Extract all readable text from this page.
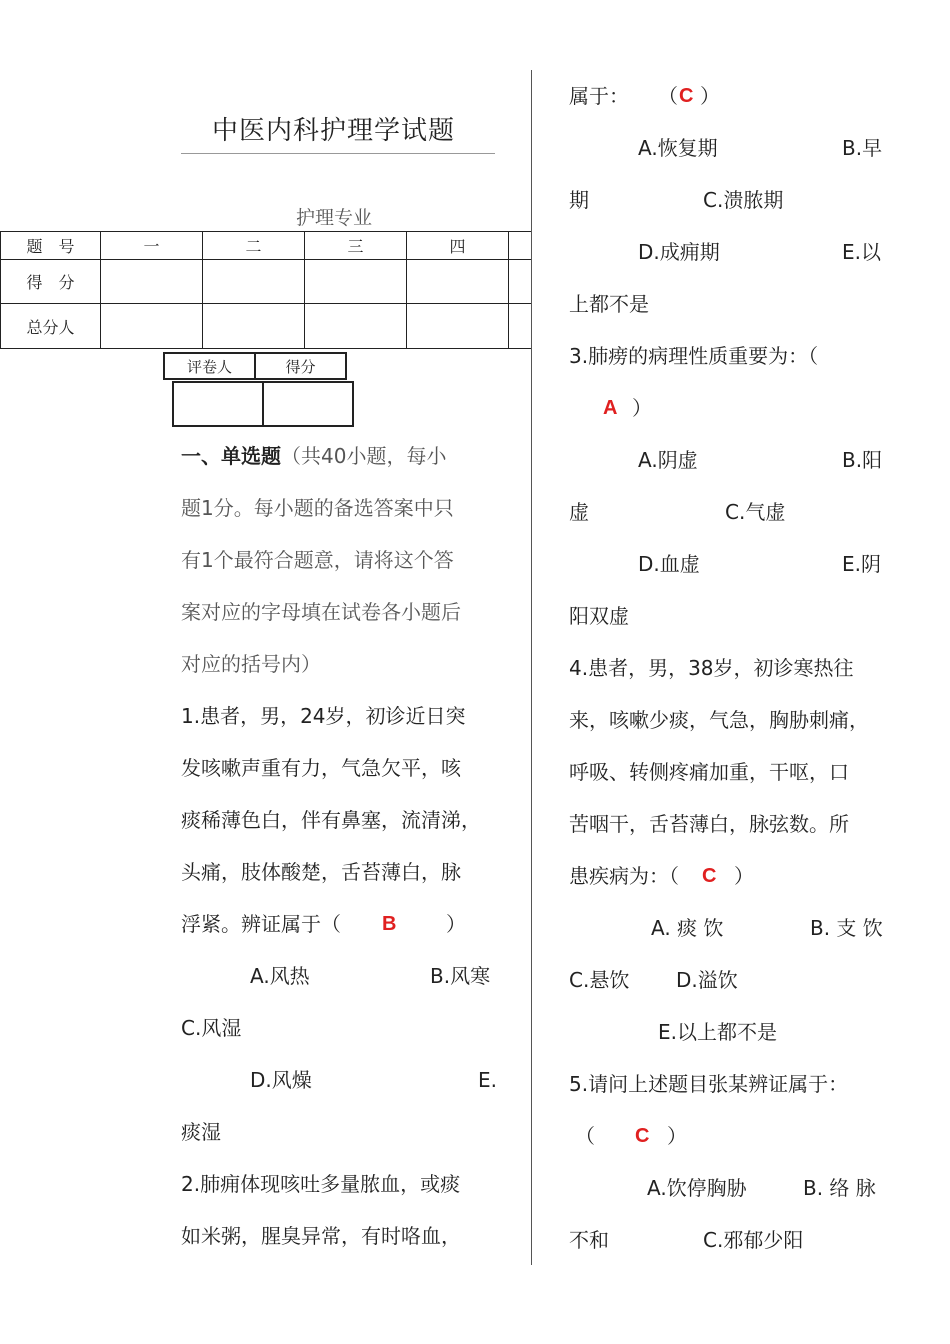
中医内科护理学试题
护理专业
题　号	一	二	三	四	
得　分					
总分人					
评卷人	得分

一、单选题（共40小题，每小
题1分。每小题的备选答案中只
有1个最符合题意，请将这个答
案对应的字母填在试卷各小题后
对应的括号内）
1.患者，男，24岁，初诊近日突
发咳嗽声重有力，气急欠平，咳
痰稀薄色白，伴有鼻塞，流清涕，
头痛，肢体酸楚，舌苔薄白，脉
浮紧。辨证属于（ B ）
A.风热	B.风寒
C.风湿
D.风燥	E.
痰湿
2.肺痈体现咳吐多量脓血，或痰
如米粥，腥臭异常，有时咯血，
属于： （ C ）
A.恢复期	B.早
期	C.溃脓期
D.成痈期	E.以
上都不是
3.肺痨的病理性质重要为：（
A ）
A.阴虚	B.阳
虚	C.气虚
D.血虚	E.阴
阳双虚
4.患者，男，38岁，初诊寒热往
来，咳嗽少痰，气急，胸胁刺痛，
呼吸、转侧疼痛加重，干呕，口
苦咽干，舌苔薄白，脉弦数。所
患疾病为：（ C ）
A. 痰 饮	B. 支 饮
C.悬饮 D.溢饮
E.以上都不是
5.请问上述题目张某辨证属于：
（ C ）
A.饮停胸胁	B. 络 脉
不和	C.邪郁少阳
